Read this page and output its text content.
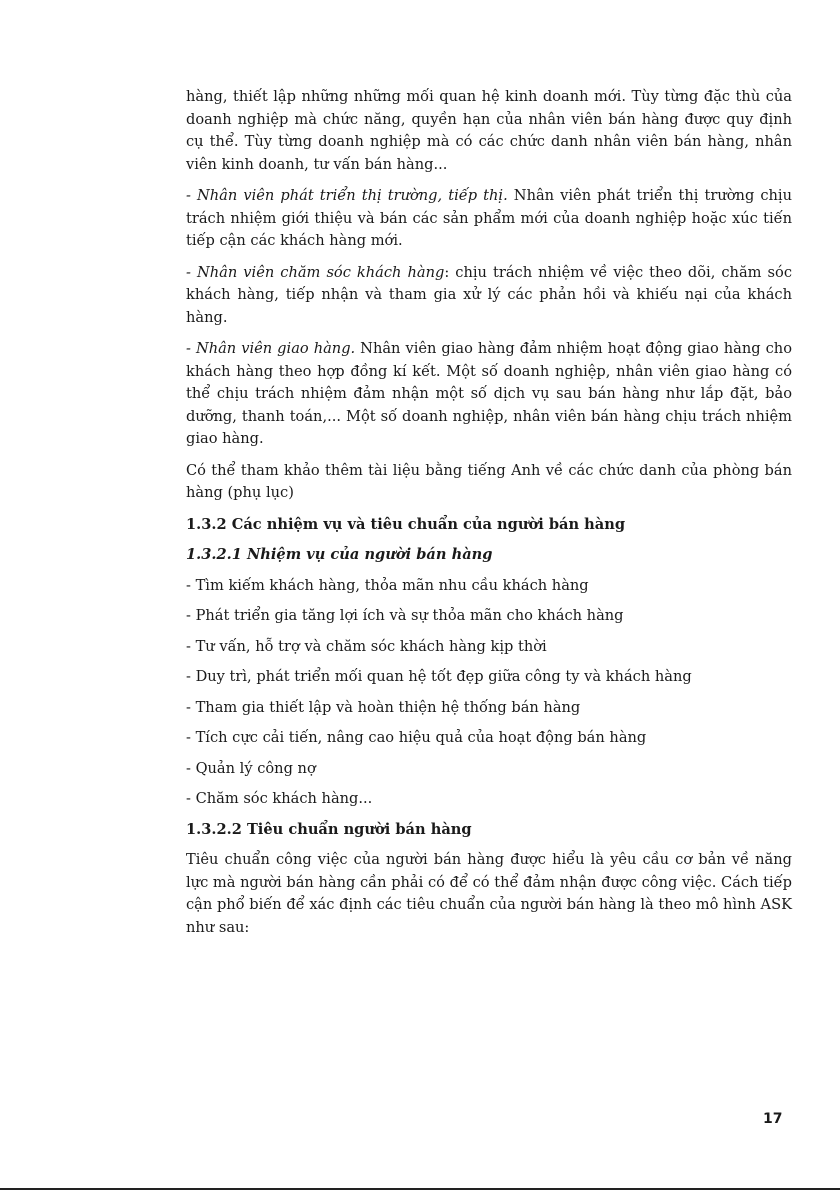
hàng, thiết lập những những mối quan hệ kinh doanh mới. Tùy từng đặc thù của doanh nghiệp mà chức năng, quyền hạn của nhân viên bán hàng được quy định cụ thể. Tùy từng doanh nghiệp mà có các chức danh nhân viên bán hàng, nhân viên kinh doanh, tư vấn bán hàng...

- Nhân viên phát triển thị trường, tiếp thị. Nhân viên phát triển thị trường chịu trách nhiệm giới thiệu và bán các sản phẩm mới của doanh nghiệp hoặc xúc tiến tiếp cận các khách hàng mới.

- Nhân viên chăm sóc khách hàng: chịu trách nhiệm về việc theo dõi, chăm sóc khách hàng, tiếp nhận và tham gia xử lý các phản hồi và khiếu nại của khách hàng.

- Nhân viên giao hàng. Nhân viên giao hàng đảm nhiệm hoạt động giao hàng cho khách hàng theo hợp đồng kí kết. Một số doanh nghiệp, nhân viên giao hàng có thể chịu trách nhiệm đảm nhận một số dịch vụ sau bán hàng như lắp đặt, bảo dưỡng, thanh toán,... Một số doanh nghiệp, nhân viên bán hàng chịu trách nhiệm giao hàng.

Có thể tham khảo thêm tài liệu bằng tiếng Anh về các chức danh của phòng bán hàng (phụ lục)

1.3.2 Các nhiệm vụ và tiêu chuẩn của người bán hàng
1.3.2.1 Nhiệm vụ của người bán hàng
- Tìm kiếm khách hàng, thỏa mãn nhu cầu khách hàng
- Phát triển gia tăng lợi ích và sự thỏa mãn cho khách hàng
- Tư vấn, hỗ trợ và chăm sóc khách hàng kịp thời
- Duy trì, phát triển mối quan hệ tốt đẹp giữa công ty và khách hàng
- Tham gia thiết lập và hoàn thiện hệ thống bán hàng
- Tích cực cải tiến, nâng cao hiệu quả của hoạt động bán hàng
- Quản lý công nợ
- Chăm sóc khách hàng...
1.3.2.2 Tiêu chuẩn người bán hàng

Tiêu chuẩn công việc của người bán hàng được hiểu là yêu cầu cơ bản về năng lực mà người bán hàng cần phải có để có thể đảm nhận được công việc. Cách tiếp cận phổ biến để xác định các tiêu chuẩn của người bán hàng là theo mô hình ASK như sau:

17
